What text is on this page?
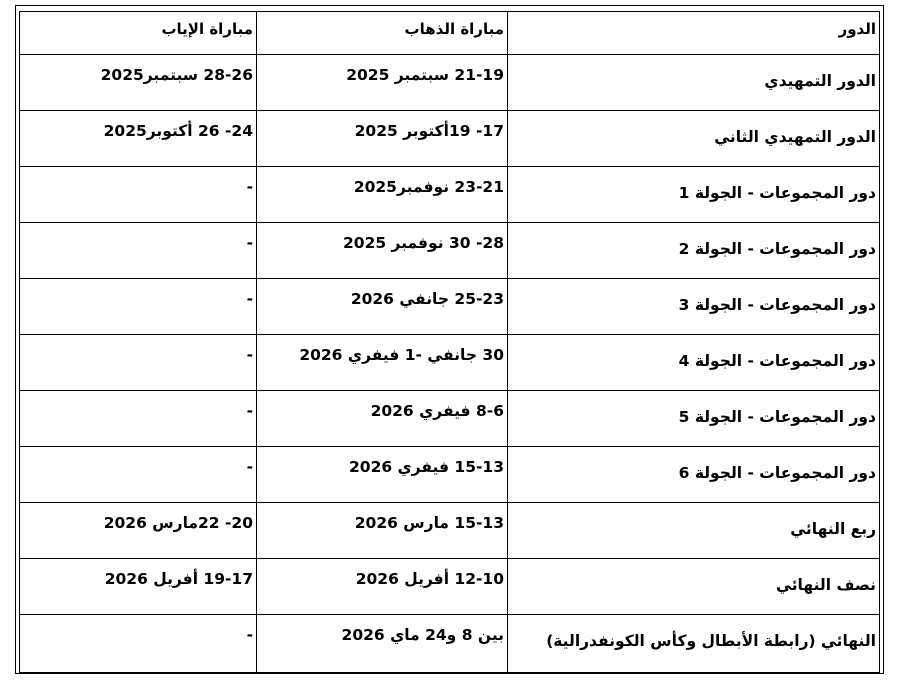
مباراة الإياب	مباراة الذهاب	الدور

28-26 سبتمبر2025	21-19 سبتمبر 2025	الدور التمهيدي

24- 26 أكتوبر2025	17- 19أكتوبر 2025	الدور التمهيدي الثاني

-	23-21 نوفمبر2025	دور المجموعات - الجولة 1

-	28- 30 نوفمبر 2025	دور المجموعات - الجولة 2

-	25-23 جانفي 2026	دور المجموعات - الجولة 3

-	30 جانفي -1 فيفري 2026	دور المجموعات - الجولة 4

-	8-6 فيفري 2026	دور المجموعات - الجولة 5

-	15-13 فيفري 2026	دور المجموعات - الجولة 6

20- 22مارس 2026	15-13 مارس 2026	ربع النهائي

19-17 أفريل 2026	12-10 أفريل 2026	نصف النهائي

-	بين 8 و24 ماي 2026	النهائي (رابطة الأبطال وكأس الكونفدرالية)
